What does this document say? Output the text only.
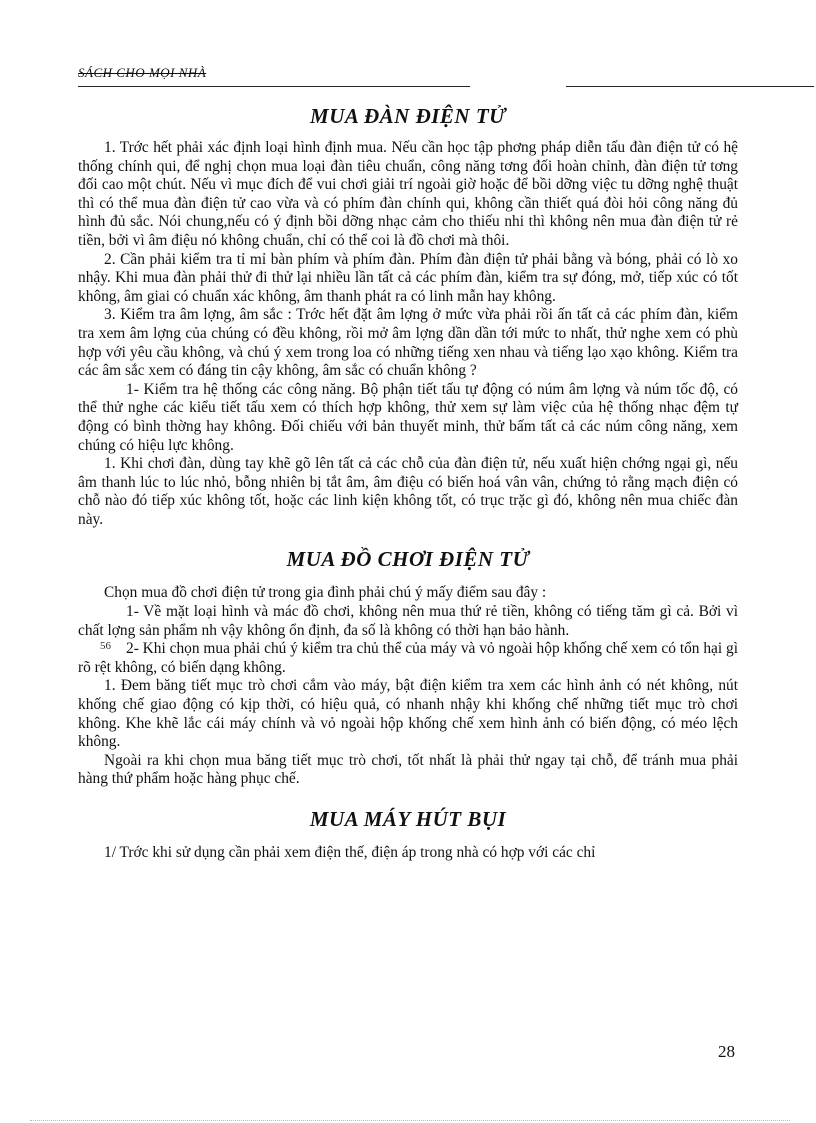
SÁCH CHO MỌI NHÀ
MUA ĐÀN ĐIỆN TỬ

1. Trớc hết phải xác định loại hình định mua. Nếu cần học tập phơng pháp diễn tấu đàn điện tử có hệ thống chính qui, để nghị chọn mua loại đàn tiêu chuẩn, công năng tơng đối hoàn chỉnh, đàn điện tử tơng đối cao một chút. Nếu vì mục đích để vui chơi giải trí ngoài giờ hoặc để bồi dỡng việc tu dỡng nghệ thuật thì có thể mua đàn điện tử cao vừa và có phím đàn chính qui, không cần thiết quá đòi hỏi công năng đủ hình đủ sắc. Nói chung,nếu có ý định bồi dỡng nhạc cảm cho thiếu nhi thì không nên mua đàn điện tử rẻ tiền, bởi vì âm điệu nó không chuẩn, chỉ có thể coi là đồ chơi mà thôi.

2. Cần phải kiểm tra tỉ mỉ bàn phím và phím đàn. Phím đàn điện tử phải bằng và bóng, phải có lò xo nhậy. Khi mua đàn phải thử đi thử lại nhiều lần tất cả các phím đàn, kiểm tra sự đóng, mở, tiếp xúc có tốt không, âm giai có chuẩn xác không, âm thanh phát ra có linh mẫn hay không.

3. Kiểm tra âm lợng, âm sắc : Trớc hết đặt âm lợng ở mức vừa phải rồi ấn tất cả các phím đàn, kiểm tra xem âm lợng của chúng có đều không, rồi mở âm lợng dần dần tới mức to nhất, thử nghe xem có phù hợp với yêu cầu không, và chú ý xem trong loa có những tiếng xen nhau và tiếng lạo xạo không. Kiểm tra các âm sắc xem có đáng tin cậy không, âm sắc có chuẩn không ?

1- Kiểm tra hệ thống các công năng. Bộ phận tiết tấu tự động có núm âm lợng và núm tốc độ, có thể thử nghe các kiểu tiết tấu xem có thích hợp không, thử xem sự làm việc của hệ thống nhạc đệm tự động có bình thờng hay không. Đối chiếu với bản thuyết minh, thử bấm tất cả các núm công năng, xem chúng có hiệu lực không.

1. Khi chơi đàn, dùng tay khẽ gõ lên tất cả các chỗ của đàn điện tử, nếu xuất hiện chớng ngại gì, nếu âm thanh lúc to lúc nhỏ, bỗng nhiên bị tắt âm, âm điệu có biến hoá vân vân, chứng tỏ rằng mạch điện có chỗ nào đó tiếp xúc không tốt, hoặc các linh kiện không tốt, có trục trặc gì đó, không nên mua chiếc đàn này.

MUA ĐỒ CHƠI ĐIỆN TỬ

Chọn mua đồ chơi điện tử trong gia đình phải chú ý mấy điểm sau đây :

1- Về mặt loại hình và mác đồ chơi, không nên mua thứ rẻ tiền, không có tiếng tăm gì cả. Bởi vì chất lợng sản phẩm nh vậy không ổn định, đa số là không có thời hạn bảo hành.

2- Khi chọn mua phải chú ý kiểm tra chủ thể của máy và vỏ ngoài hộp khống chế xem có tổn hại gì rõ rệt không, có biến dạng không.

1. Đem băng tiết mục trò chơi cắm vào máy, bật điện kiểm tra xem các hình ảnh có nét không, nút khống chế giao động có kịp thời, có hiệu quả, có nhanh nhậy khi khống chế những tiết mục trò chơi không. Khe khẽ lắc cái máy chính và vỏ ngoài hộp khống chế xem hình ảnh có biến động, có méo lệch không.

Ngoài ra khi chọn mua băng tiết mục trò chơi, tốt nhất là phải thử ngay tại chỗ, để tránh mua phải hàng thứ phẩm hoặc hàng phục chế.

MUA MÁY HÚT BỤI

1/ Trớc khi sử dụng cần phải xem điện thế, điện áp trong nhà có hợp với các chỉ

56
28
